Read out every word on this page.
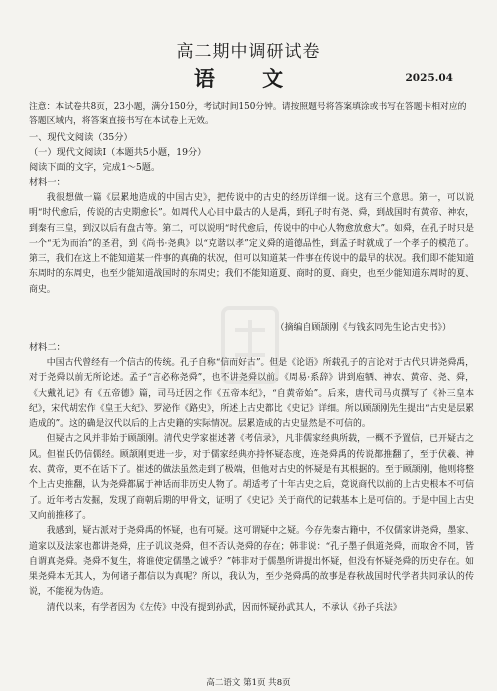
高二期中调研试卷
语 文	2025.04
注意：本试卷共8页，23小题，满分150分，考试时间150分钟。请按照题号将答案填涂或书写在答题卡相对应的答题区域内，将答案直接书写在本试卷上无效。
一、现代文阅读（35分）
（一）现代文阅读Ⅰ（本题共5小题，19分）
阅读下面的文字，完成1～5题。
材料一：

我很想做一篇《层累地造成的中国古史》，把传说中的古史的经历详细一说。这有三个意思。第一，可以说明“时代愈后，传说的古史期愈长”。如周代人心目中最古的人是禹，到孔子时有尧、舜，到战国时有黄帝、神农，到秦有三皇，到汉以后有盘古等。第二，可以说明“时代愈后，传说中的中心人物愈放愈大”。如舜，在孔子时只是一个“无为而治”的圣君，到《尚书·尧典》以“克谐以孝”定义舜的道德品性，到孟子时就成了一个孝子的模范了。第三，我们在这上不能知道某一件事的真确的状况，但可以知道某一件事在传说中的最早的状况。我们即不能知道东周时的东周史，也至少能知道战国时的东周史；我们不能知道夏、商时的夏、商史，也至少能知道东周时的夏、商史。

（摘编自顾颉刚《与钱玄同先生论古史书》）
材料二：

中国古代曾经有一个信古的传统。孔子自称“信而好古”。但是《论语》所载孔子的言论对于古代只讲尧舜禹，对于尧舜以前无所论述。孟子“言必称尧舜”，也不讲尧舜以前。《周易·系辞》讲到庖牺、神农、黄帝、尧、舜，《大戴礼记》有《五帝德》篇，司马迁因之作《五帝本纪》，“自黄帝始”。后来，唐代司马贞撰写了《补三皇本纪》，宋代胡宏作《皇王大纪》、罗泌作《路史》，所述上古史都比《史记》详细。所以顾颉刚先生提出“古史是层累造成的”。这的确是汉代以后的上古史籍的实际情况。层累造成的古史显然是不可信的。

但疑古之风并非始于顾颉刚。清代史学家崔述著《考信录》，凡非儒家经典所载，一概不予置信，已开疑古之风。但崔氏仍信儒经。顾颉刚更进一步，对于儒家经典亦持怀疑态度，连尧舜禹的传说都推翻了，至于伏羲、神农、黄帝，更不在话下了。崔述的做法虽然走到了极端，但他对古史的怀疑是有其根据的。至于顾颉刚，他则将整个上古史推翻，认为尧舜都属于神话而非历史人物了。胡适考了十年古史之后，竟说商代以前的上古史根本不可信了。近年考古发掘，发现了商朝后期的甲骨文，证明了《史记》关于商代的记载基本上是可信的。于是中国上古史又向前推移了。

我感到，疑古派对于尧舜禹的怀疑，也有可疑。这可谓疑中之疑。今存先秦古籍中，不仅儒家讲尧舜，墨家、道家以及法家也都讲尧舜，庄子讥议尧舜，但不否认尧舜的存在；韩非说：“孔子墨子俱道尧舜，而取舍不同，皆自谓真尧舜。尧舜不复生，将谁使定儒墨之诚乎？”韩非对于儒墨所讲提出怀疑，但没有怀疑尧舜的历史存在。如果尧舜本无其人，为何诸子都信以为真呢？所以，我认为，至少尧舜禹的故事是春秋战国时代学者共同承认的传说，不能视为伪造。

清代以来，有学者因为《左传》中没有提到孙武，因而怀疑孙武其人，不承认《孙子兵法》

高二语文 第1页 共8页
